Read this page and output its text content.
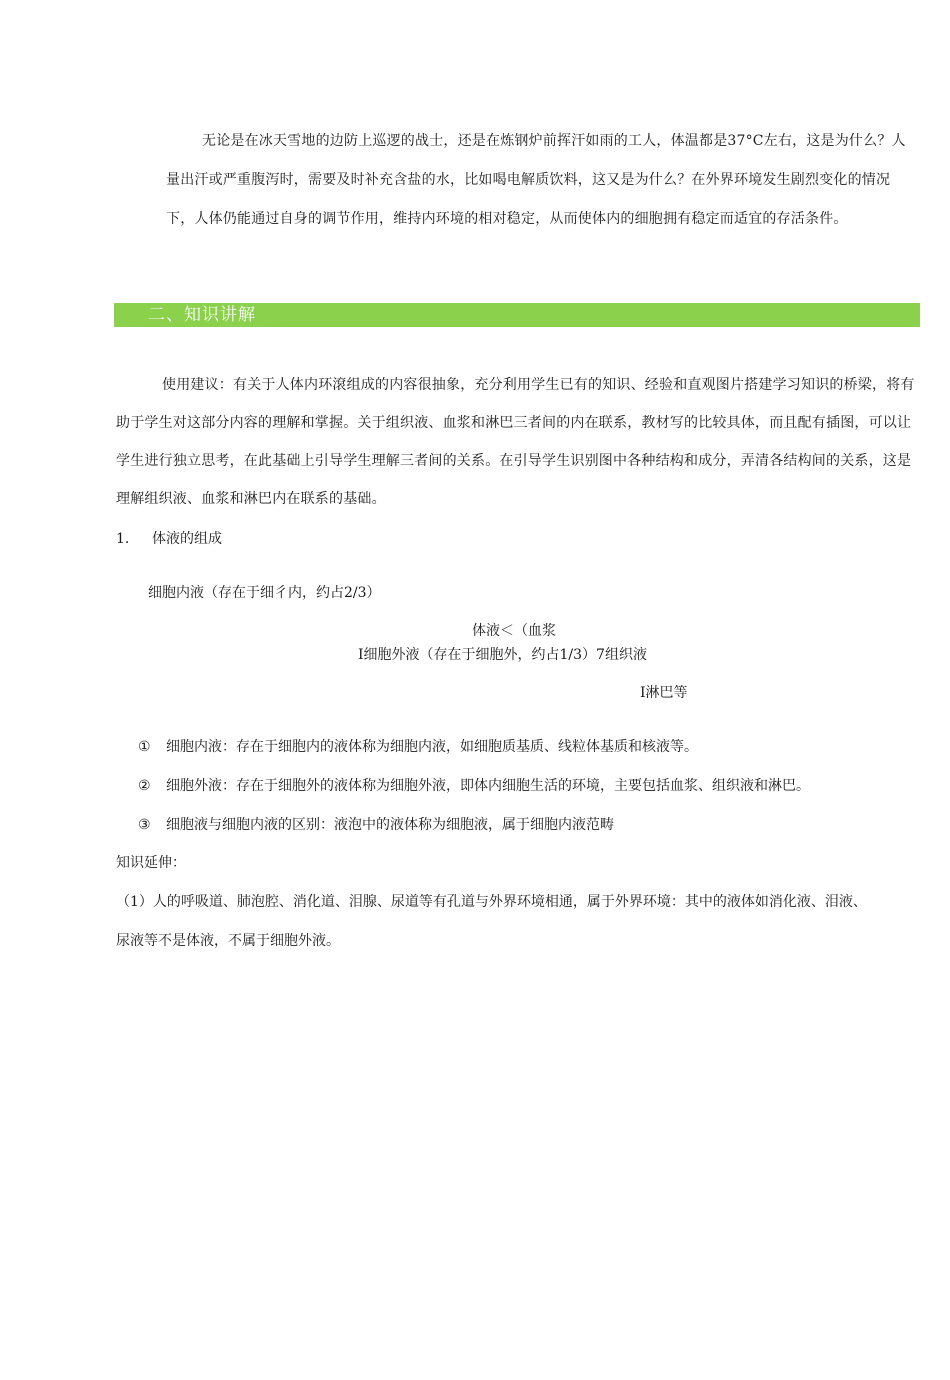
无论是在冰天雪地的边防上巡逻的战士，还是在炼钢炉前挥汗如雨的工人，体温都是37°C左右，这是为什么？人量出汗或严重腹泻时，需要及时补充含盐的水，比如喝电解质饮料，这又是为什么？在外界环境发生剧烈变化的情况下，人体仍能通过自身的调节作用，维持内环境的相对稳定，从而使体内的细胞拥有稳定而适宜的存活条件。

二、知识讲解

使用建议：有关于人体内环滾组成的内容很抽象，充分利用学生已有的知识、经验和直观图片搭建学习知识的桥梁，将有助于学生对这部分内容的理解和掌握。关于组织液、血浆和淋巴三者间的内在联系，教材写的比较具体，而且配有插图，可以让学生进行独立思考，在此基础上引导学生理解三者间的关系。在引导学生识别图中各种结构和成分，弄清各结构间的关系，这是理解组织液、血浆和淋巴内在联系的基础。

1. 体液的组成
细胞内液（存在于细彳内，约占2/3）
体液＜（血浆
I细胞外液（存在于细胞外，约占1/3）7组织液
I淋巴等
① 细胞内液：存在于细胞内的液体称为细胞内液，如细胞质基质、线粒体基质和核液等。
② 细胞外液：存在于细胞外的液体称为细胞外液，即体内细胞生活的环境，主要包括血浆、组织液和淋巴。
③ 细胞液与细胞内液的区别：液泡中的液体称为细胞液，属于细胞内液范畴
知识延伸：
（1）人的呼吸道、肺泡腔、消化道、泪腺、尿道等有孔道与外界环境相通，属于外界环境：其中的液体如消化液、泪液、
尿液等不是体液，不属于细胞外液。
